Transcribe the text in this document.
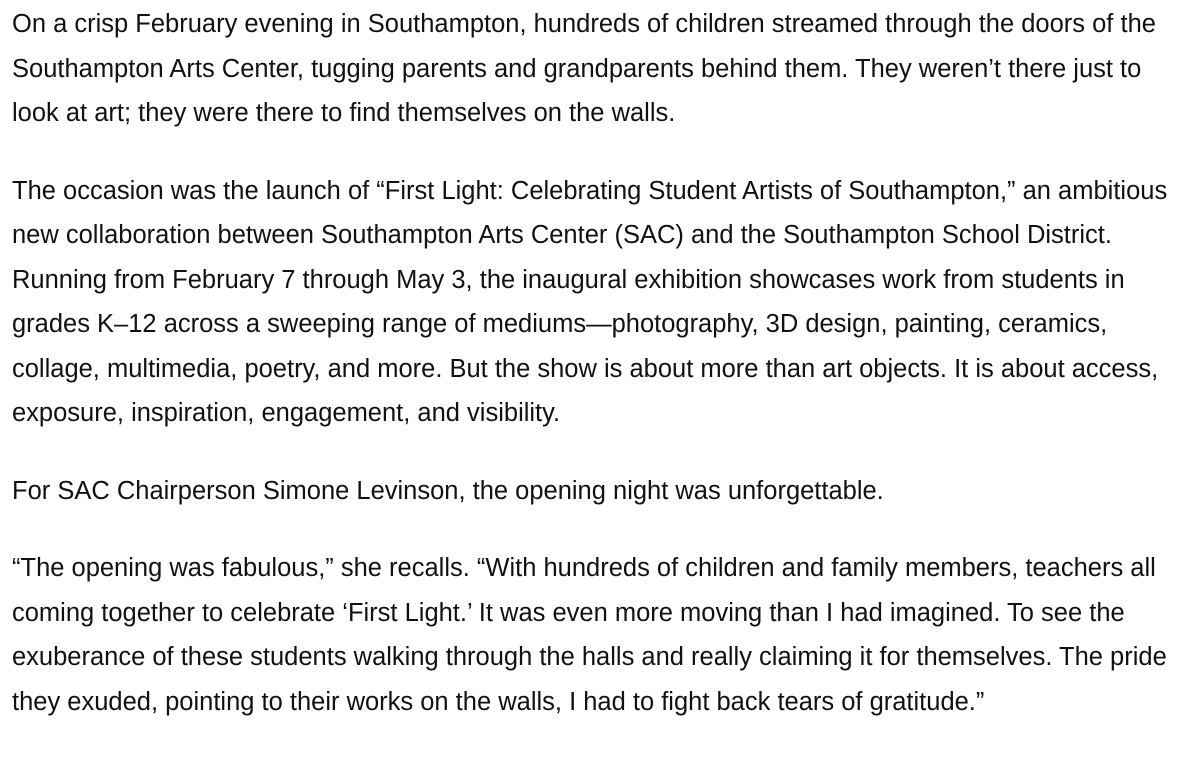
On a crisp February evening in Southampton, hundreds of children streamed through the doors of the Southampton Arts Center, tugging parents and grandparents behind them. They weren’t there just to look at art; they were there to find themselves on the walls.

The occasion was the launch of “First Light: Celebrating Student Artists of Southampton,” an ambitious new collaboration between Southampton Arts Center (SAC) and the Southampton School District. Running from February 7 through May 3, the inaugural exhibition showcases work from students in grades K–12 across a sweeping range of mediums—photography, 3D design, painting, ceramics, collage, multimedia, poetry, and more. But the show is about more than art objects. It is about access, exposure, inspiration, engagement, and visibility.

For SAC Chairperson Simone Levinson, the opening night was unforgettable.

“The opening was fabulous,” she recalls. “With hundreds of children and family members, teachers all coming together to celebrate ‘First Light.’ It was even more moving than I had imagined. To see the exuberance of these students walking through the halls and really claiming it for themselves. The pride they exuded, pointing to their works on the walls, I had to fight back tears of gratitude.”
